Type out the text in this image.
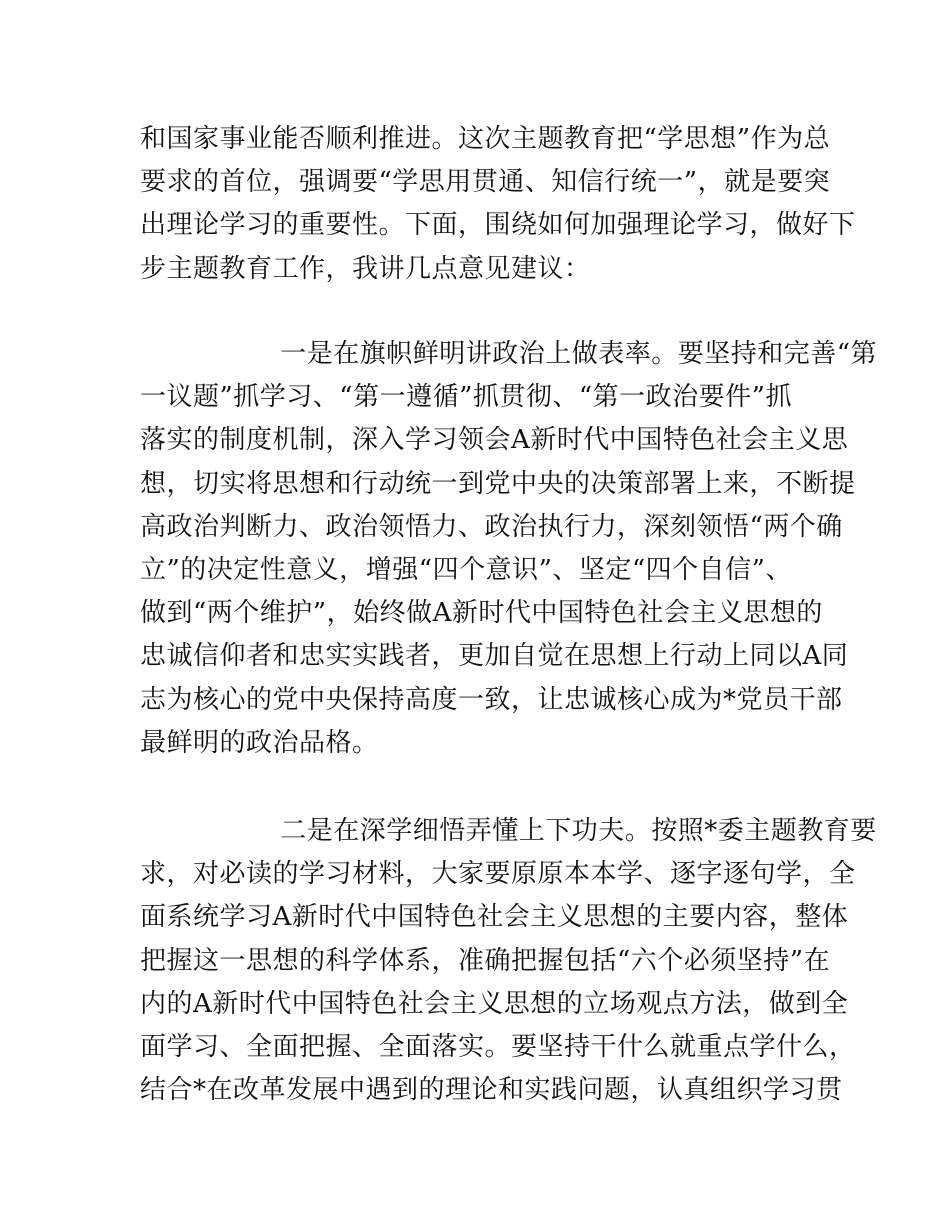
和国家事业能否顺利推进。这次主题教育把“学思想”作为总
要求的首位，强调要“学思用贯通、知信行统一”，就是要突
出理论学习的重要性。下面，围绕如何加强理论学习，做好下
步主题教育工作，我讲几点意见建议：
一是在旗帜鲜明讲政治上做表率。要坚持和完善“第
一议题”抓学习、“第一遵循”抓贯彻、“第一政治要件”抓
落实的制度机制，深入学习领会A新时代中国特色社会主义思
想，切实将思想和行动统一到党中央的决策部署上来，不断提
高政治判断力、政治领悟力、政治执行力，深刻领悟“两个确
立”的决定性意义，增强“四个意识”、坚定“四个自信”、
做到“两个维护”，始终做A新时代中国特色社会主义思想的
忠诚信仰者和忠实实践者，更加自觉在思想上行动上同以A同
志为核心的党中央保持高度一致，让忠诚核心成为*党员干部
最鲜明的政治品格。
二是在深学细悟弄懂上下功夫。按照*委主题教育要
求，对必读的学习材料，大家要原原本本学、逐字逐句学，全
面系统学习A新时代中国特色社会主义思想的主要内容，整体
把握这一思想的科学体系，准确把握包括“六个必须坚持”在
内的A新时代中国特色社会主义思想的立场观点方法，做到全
面学习、全面把握、全面落实。要坚持干什么就重点学什么，
结合*在改革发展中遇到的理论和实践问题，认真组织学习贯
